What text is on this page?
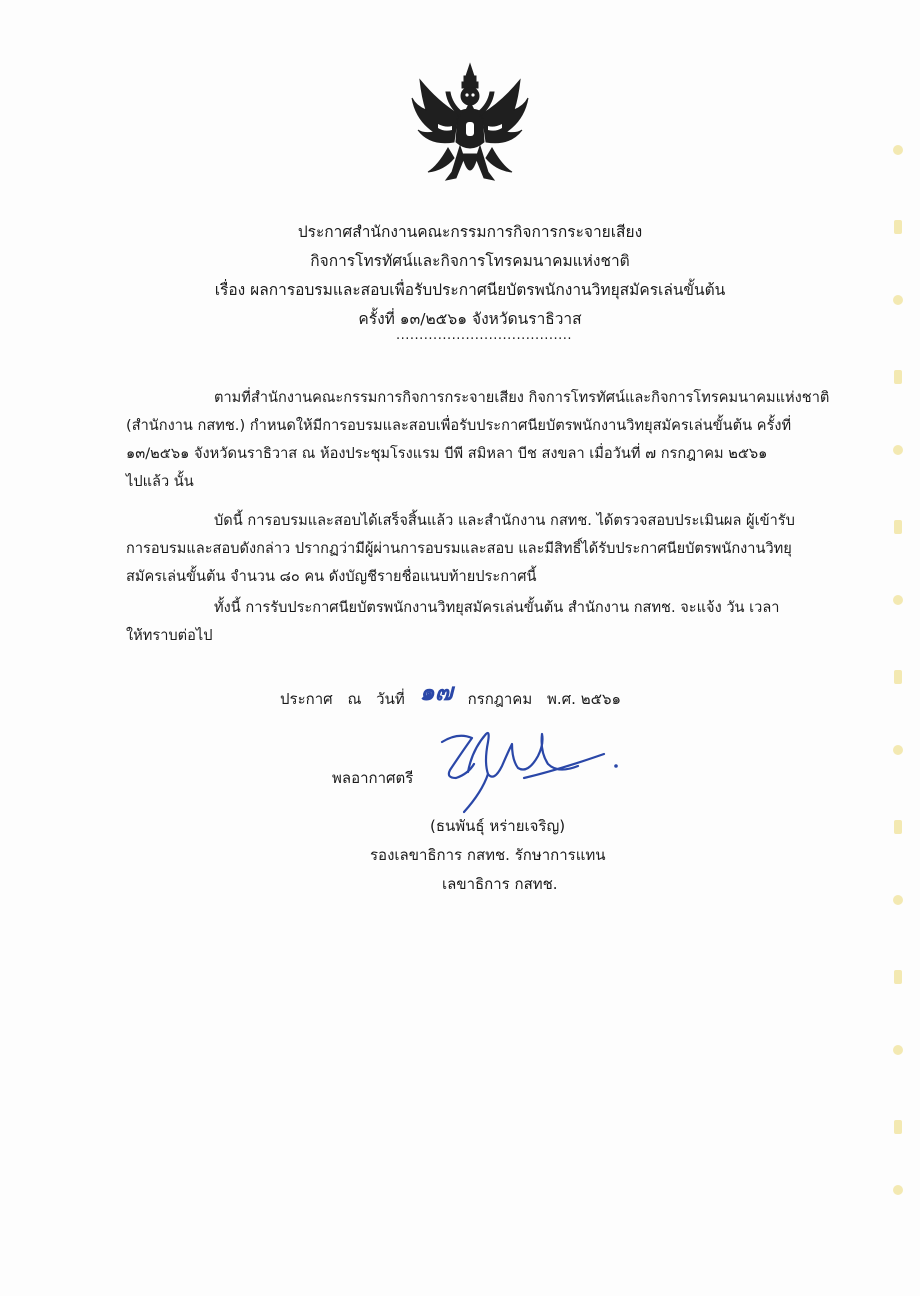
ประกาศสำนักงานคณะกรรมการกิจการกระจายเสียง
กิจการโทรทัศน์และกิจการโทรคมนาคมแห่งชาติ
เรื่อง ผลการอบรมและสอบเพื่อรับประกาศนียบัตรพนักงานวิทยุสมัครเล่นขั้นต้น
ครั้งที่ ๑๓/๒๕๖๑ จังหวัดนราธิวาส
......................................
ตามที่สำนักงานคณะกรรมการกิจการกระจายเสียง กิจการโทรทัศน์และกิจการโทรคมนาคมแห่งชาติ
(สำนักงาน กสทช.) กำหนดให้มีการอบรมและสอบเพื่อรับประกาศนียบัตรพนักงานวิทยุสมัครเล่นขั้นต้น ครั้งที่
๑๓/๒๕๖๑ จังหวัดนราธิวาส ณ ห้องประชุมโรงแรม บีพี สมิหลา บีช สงขลา เมื่อวันที่ ๗ กรกฎาคม ๒๕๖๑
ไปแล้ว นั้น
บัดนี้ การอบรมและสอบได้เสร็จสิ้นแล้ว และสำนักงาน กสทช. ได้ตรวจสอบประเมินผล ผู้เข้ารับ
การอบรมและสอบดังกล่าว ปรากฏว่ามีผู้ผ่านการอบรมและสอบ และมีสิทธิ์ได้รับประกาศนียบัตรพนักงานวิทยุ
สมัครเล่นขั้นต้น จำนวน ๘๐ คน ดังบัญชีรายชื่อแนบท้ายประกาศนี้
ทั้งนี้ การรับประกาศนียบัตรพนักงานวิทยุสมัครเล่นขั้นต้น สำนักงาน กสทช. จะแจ้ง วัน เวลา
ให้ทราบต่อไป
ประกาศ ณ วันที่ ๑๗ กรกฎาคม พ.ศ. ๒๕๖๑
พลอากาศตรี
(ธนพันธุ์ หร่ายเจริญ)
รองเลขาธิการ กสทช. รักษาการแทน
เลขาธิการ กสทช.
